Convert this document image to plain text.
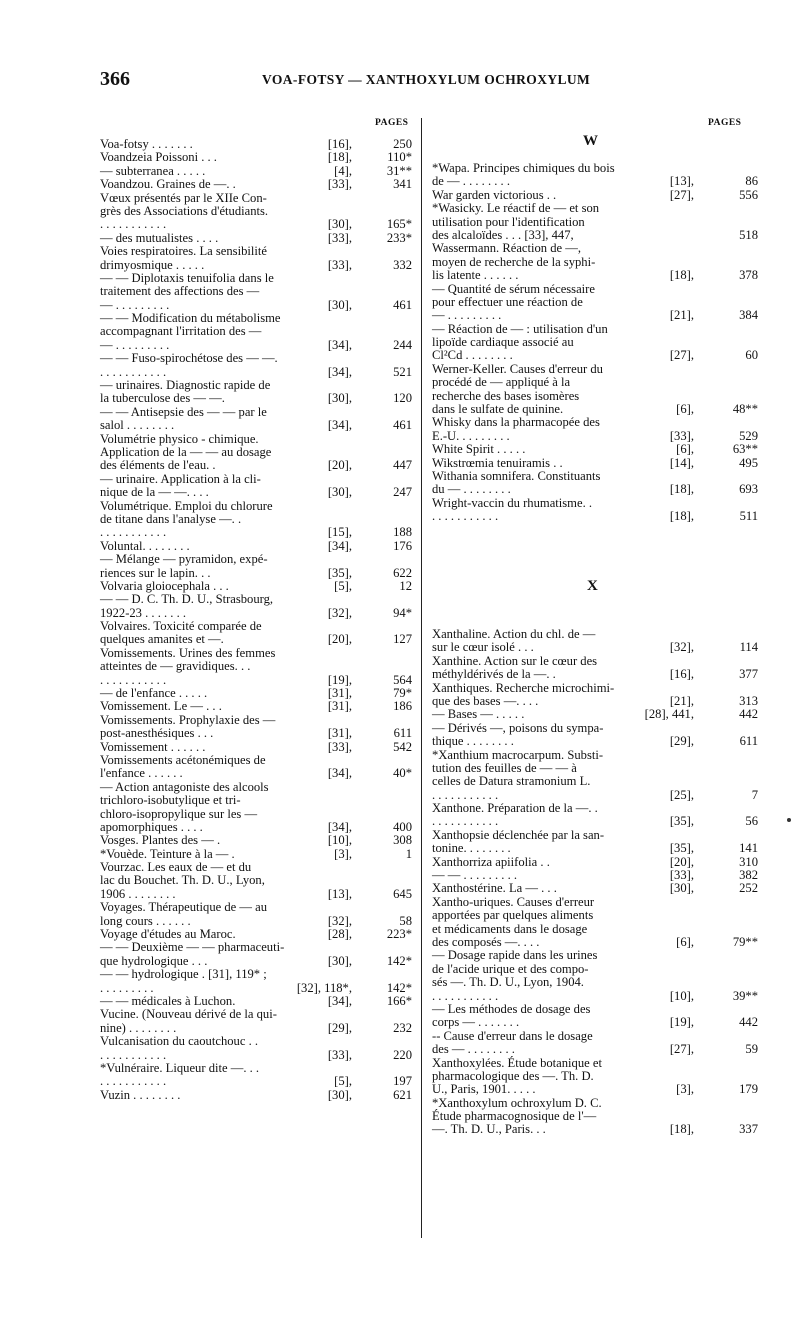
366	VOA-FOTSY — XANTHOXYLUM OCHROXYLUM
PAGES
Voa-fotsy . . . . . . .	[16],	250
Voandzeia Poissoni . . .	[18],	110*
— subterranea . . . . .	[4],	31**
Voandzou. Graines de —. .	[33],	341
Vœux présentés par le XIIe Con-
grès des Associations d'étudiants.
. . . . . . . . . . .	[30],	165*
— des mutualistes . . . .	[33],	233*
Voies respiratoires. La sensibilité
drimyosmique . . . . .	[33],	332
— — Diplotaxis tenuifolia dans le
traitement des affections des —
— . . . . . . . . .	[30],	461
— — Modification du métabolisme
accompagnant l'irritation des —
— . . . . . . . . .	[34],	244
— — Fuso-spirochétose des — —.
. . . . . . . . . . .	[34],	521
— urinaires. Diagnostic rapide de
la tuberculose des — —.	[30],	120
— — Antisepsie des — — par le
salol . . . . . . . .	[34],	461
Volumétrie physico - chimique.
Application de la — — au dosage
des éléments de l'eau. .	[20],	447
— urinaire. Application à la cli-
nique de la — —. . . .	[30],	247
Volumétrique. Emploi du chlorure
de titane dans l'analyse —. .
. . . . . . . . . . .	[15],	188
Voluntal. . . . . . . .	[34],	176
— Mélange — pyramidon, expé-
riences sur le lapin. . .	[35],	622
Volvaria gloiocephala . . .	[5],	12
— — D. C. Th. D. U., Strasbourg,
1922-23 . . . . . . .	[32],	94*
Volvaires. Toxicité comparée de
quelques amanites et —.	[20],	127
Vomissements. Urines des femmes
atteintes de — gravidiques. . .
. . . . . . . . . . .	[19],	564
— de l'enfance . . . . .	[31],	79*
Vomissement. Le — . . .	[31],	186
Vomissements. Prophylaxie des —
post-anesthésiques . . .	[31],	611
Vomissement . . . . . .	[33],	542
Vomissements acétonémiques de
l'enfance . . . . . .	[34],	40*
— Action antagoniste des alcools
trichloro-isobutylique et tri-
chloro-isopropylique sur les —
apomorphiques . . . .	[34],	400
Vosges. Plantes des — .	[10],	308
*Vouède. Teinture à la — .	[3],	1
Vourzac. Les eaux de — et du
lac du Bouchet. Th. D. U., Lyon,
1906 . . . . . . . .	[13],	645
Voyages. Thérapeutique de — au
long cours . . . . . .	[32],	58
Voyage d'études au Maroc.	[28],	223*
— — Deuxième — — pharmaceuti-
que hydrologique . . .	[30],	142*
— — hydrologique . [31], 119* ;
. . . . . . . . .	[32], 118*,	142*
— — médicales à Luchon.	[34],	166*
Vucine. (Nouveau dérivé de la qui-
nine) . . . . . . . .	[29],	232
Vulcanisation du caoutchouc . .
. . . . . . . . . . .	[33],	220
*Vulnéraire. Liqueur dite —. . .
. . . . . . . . . . .	[5],	197
Vuzin . . . . . . . .	[30],	621
PAGES
W
*Wapa. Principes chimiques du bois
de — . . . . . . . .	[13],	86
War garden victorious . .	[27],	556
*Wasicky. Le réactif de — et son
utilisation pour l'identification
des alcaloïdes . . . [33], 447,	518
Wassermann. Réaction de —,
moyen de recherche de la syphi-
lis latente . . . . . .	[18],	378
— Quantité de sérum nécessaire
pour effectuer une réaction de
— . . . . . . . . .	[21],	384
— Réaction de — : utilisation d'un
lipoïde cardiaque associé au
Cl²Cd . . . . . . . .	[27],	60
Werner-Keller. Causes d'erreur du
procédé de — appliqué à la
recherche des bases isomères
dans le sulfate de quinine.	[6],	48**
Whisky dans la pharmacopée des
E.-U. . . . . . . . .	[33],	529
White Spirit . . . . .	[6],	63**
Wikstrœmia tenuiramis . .	[14],	495
Withania somnifera. Constituants
du — . . . . . . . .	[18],	693
Wright-vaccin du rhumatisme. .
. . . . . . . . . . .	[18],	511
X
Xanthaline. Action du chl. de —
sur le cœur isolé . . .	[32],	114
Xanthine. Action sur le cœur des
méthyldérivés de la —. .	[16],	377
Xanthiques. Recherche microchimi-
que des bases —. . . .	[21],	313
— Bases — . . . . .	[28], 441,	442
— Dérivés —, poisons du sympa-
thique . . . . . . . .	[29],	611
*Xanthium macrocarpum. Substi-
tution des feuilles de — — à
celles de Datura stramonium L.
. . . . . . . . . . .	[25],	7
Xanthone. Préparation de la —. .
. . . . . . . . . . .	[35],	56
Xanthopsie déclenchée par la san-
tonine. . . . . . . .	[35],	141
Xanthorriza apiifolia . .	[20],	310
— — . . . . . . . . .	[33],	382
Xanthostérine. La — . . .	[30],	252
Xantho-uriques. Causes d'erreur
apportées par quelques aliments
et médicaments dans le dosage
des composés —. . . .	[6],	79**
— Dosage rapide dans les urines
de l'acide urique et des compo-
sés —. Th. D. U., Lyon, 1904.
. . . . . . . . . . .	[10],	39**
— Les méthodes de dosage des
corps — . . . . . . .	[19],	442
-- Cause d'erreur dans le dosage
des — . . . . . . . .	[27],	59
Xanthoxylées. Étude botanique et
pharmacologique des —. Th. D.
U., Paris, 1901. . . . .	[3],	179
*Xanthoxylum ochroxylum D. C.
Étude pharmacognosique de l'—
—. Th. D. U., Paris. . .	[18],	337
